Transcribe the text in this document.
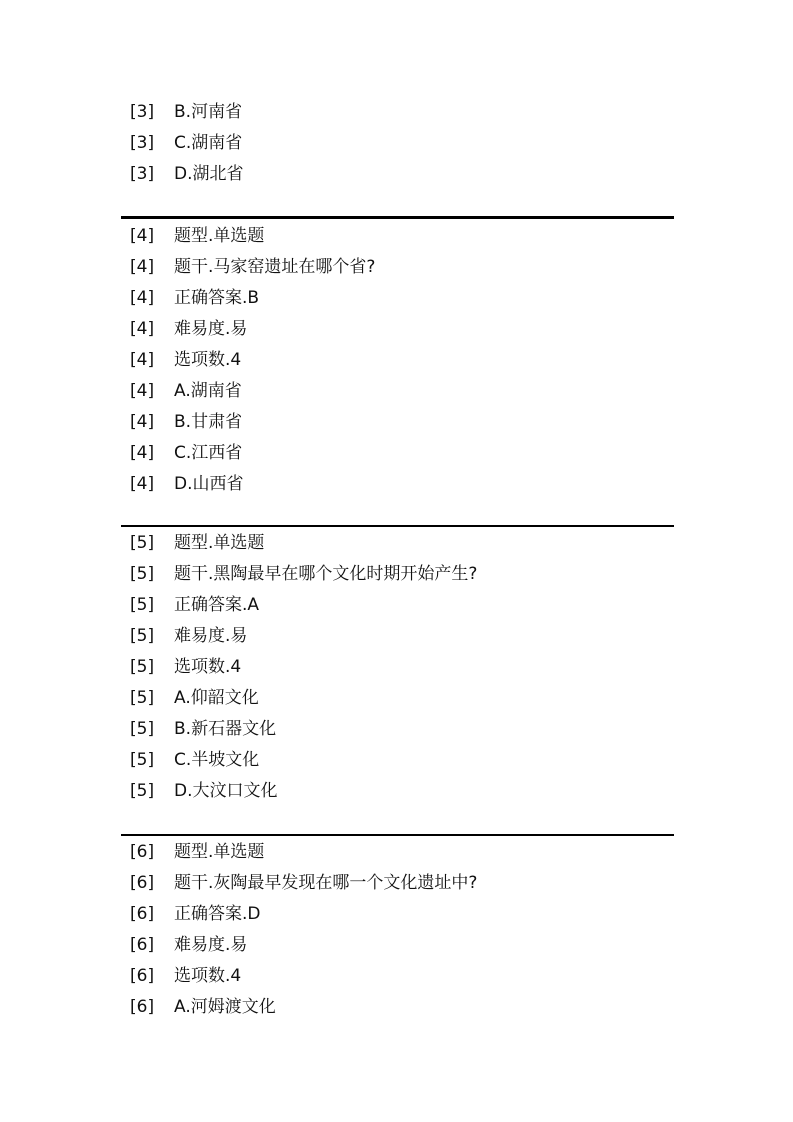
[3] B.河南省
[3] C.湖南省
[3] D.湖北省
[4] 题型.单选题
[4] 题干.马家窑遗址在哪个省?
[4] 正确答案.B
[4] 难易度.易
[4] 选项数.4
[4] A.湖南省
[4] B.甘肃省
[4] C.江西省
[4] D.山西省
[5] 题型.单选题
[5] 题干.黑陶最早在哪个文化时期开始产生?
[5] 正确答案.A
[5] 难易度.易
[5] 选项数.4
[5] A.仰韶文化
[5] B.新石器文化
[5] C.半坡文化
[5] D.大汶口文化
[6] 题型.单选题
[6] 题干.灰陶最早发现在哪一个文化遗址中?
[6] 正确答案.D
[6] 难易度.易
[6] 选项数.4
[6] A.河姆渡文化
